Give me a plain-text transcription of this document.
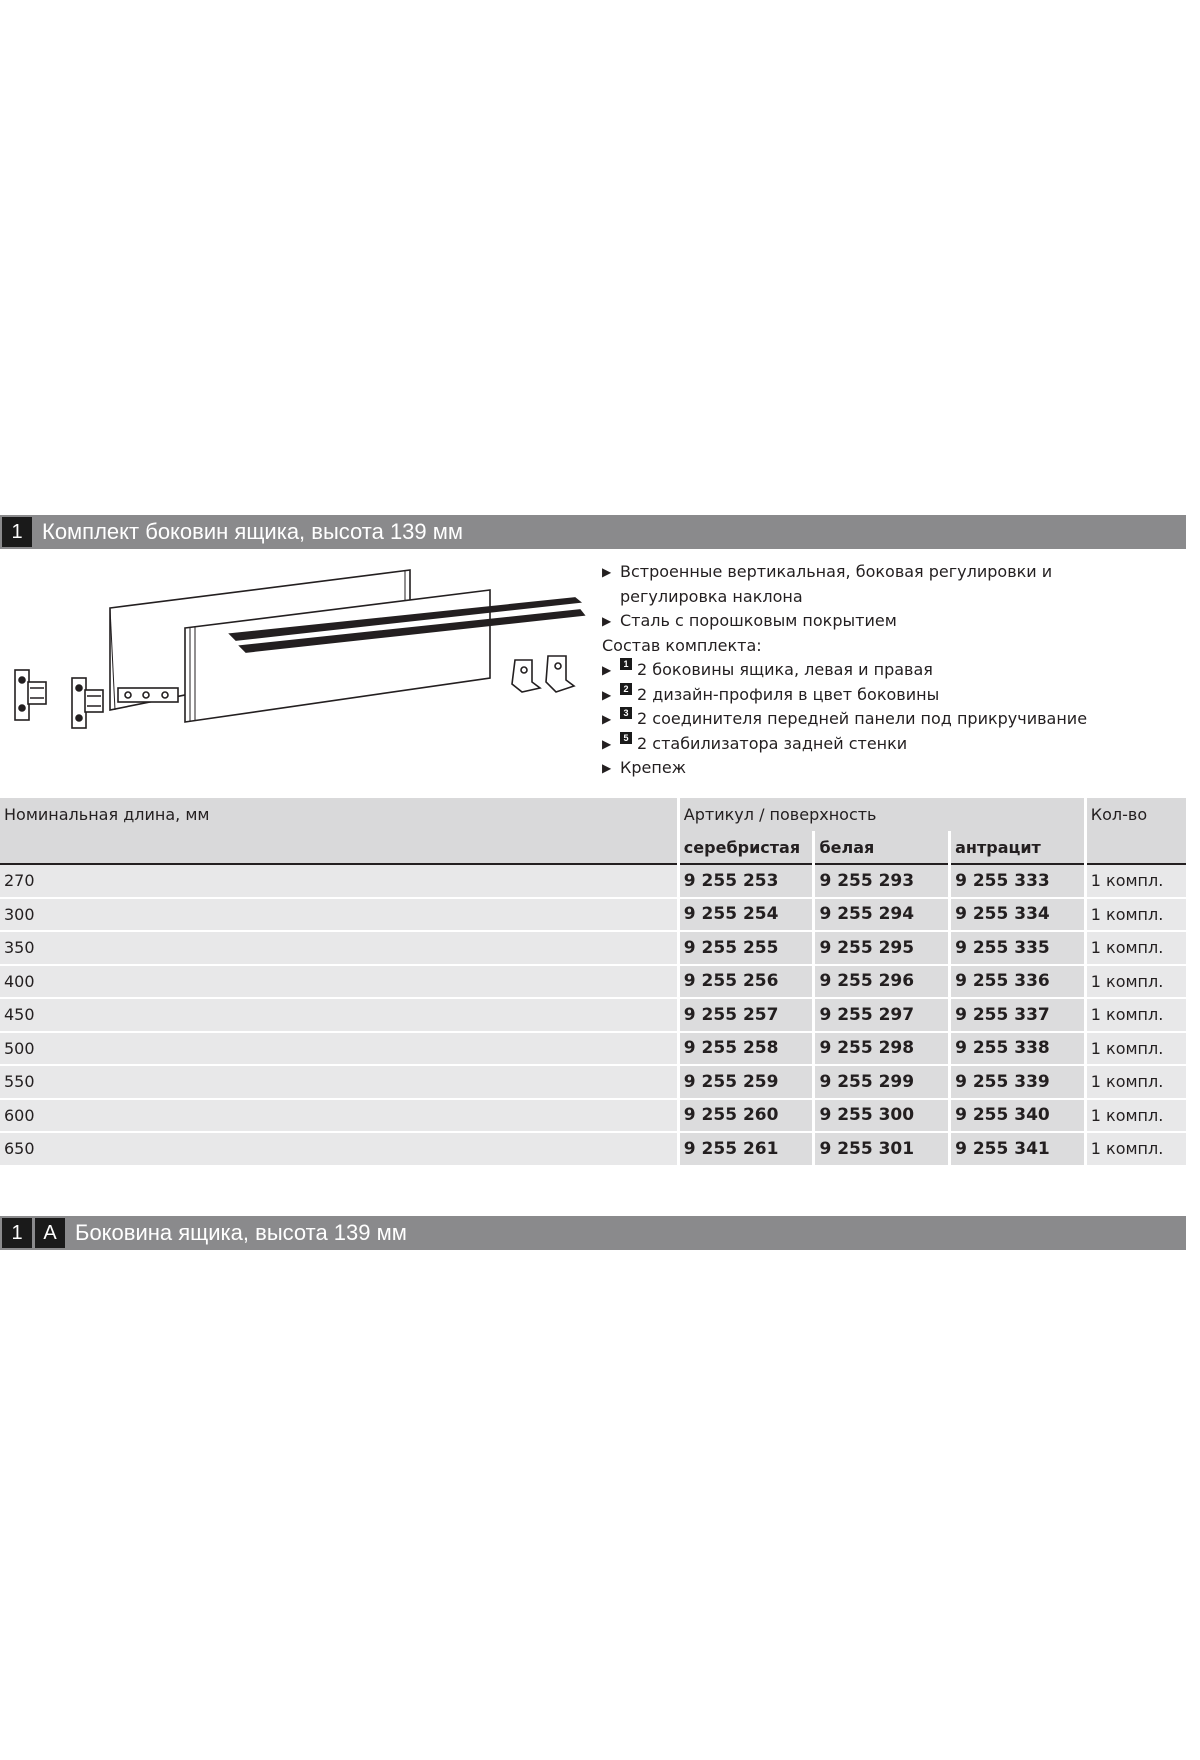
1 Комплект боковин ящика, высота 139 мм
▶ Встроенные вертикальная, боковая регулировки и регулировка наклона
▶ Сталь с порошковым покрытием
Состав комплекта:
▶	1 2 боковины ящика, левая и правая
▶	2 2 дизайн-профиля в цвет боковины
▶	3 2 соединителя передней панели под прикручивание
▶	5 2 стабилизатора задней стенки
▶ Крепеж
Номинальная длина, мм	Артикул / поверхность			Кол-во
	серебристая	белая	антрацит	
270	9 255 253	9 255 293	9 255 333	1 компл.
300	9 255 254	9 255 294	9 255 334	1 компл.
350	9 255 255	9 255 295	9 255 335	1 компл.
400	9 255 256	9 255 296	9 255 336	1 компл.
450	9 255 257	9 255 297	9 255 337	1 компл.
500	9 255 258	9 255 298	9 255 338	1 компл.
550	9 255 259	9 255 299	9 255 339	1 компл.
600	9 255 260	9 255 300	9 255 340	1 компл.
650	9 255 261	9 255 301	9 255 341	1 компл.
1	A Боковина ящика, высота 139 мм
